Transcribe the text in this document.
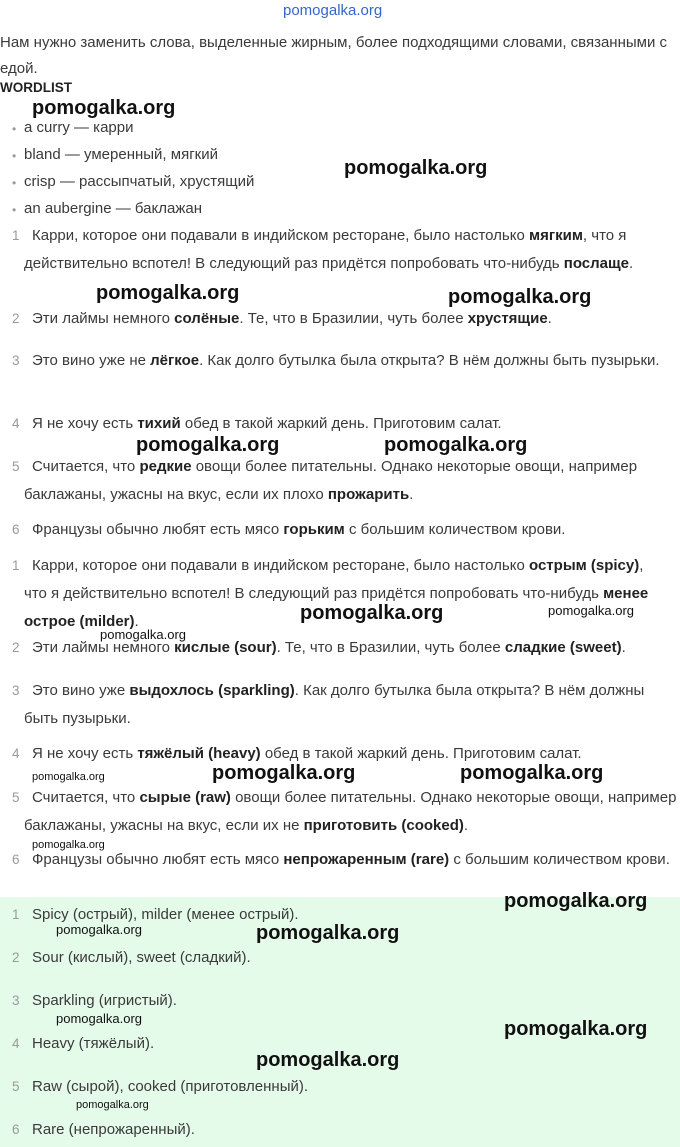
pomogalka.org
Нам нужно заменить слова, выделенные жирным, более подходящими словами, связанными с едой.
WORDLIST
• a curry — карри
• bland — умеренный, мягкий
• crisp — рассыпчатый, хрустящий
• an aubergine — баклажан
1 Карри, которое они подавали в индийском ресторане, было настолько мягким, что я действительно вспотел! В следующий раз придётся попробовать что-нибудь послаще.
2 Эти лаймы немного солёные. Те, что в Бразилии, чуть более хрустящие.
3 Это вино уже не лёгкое. Как долго бутылка была открыта? В нём должны быть пузырьки.
4 Я не хочу есть тихий обед в такой жаркий день. Приготовим салат.
5 Считается, что редкие овощи более питательны. Однако некоторые овощи, например баклажаны, ужасны на вкус, если их плохо прожарить.
6 Французы обычно любят есть мясо горьким с большим количеством крови.
1 Карри, которое они подавали в индийском ресторане, было настолько острым (spicy), что я действительно вспотел! В следующий раз придётся попробовать что-нибудь менее острое (milder).
2 Эти лаймы немного кислые (sour). Те, что в Бразилии, чуть более сладкие (sweet).
3 Это вино уже выдохлось (sparkling). Как долго бутылка была открыта? В нём должны быть пузырьки.
4 Я не хочу есть тяжёлый (heavy) обед в такой жаркий день. Приготовим салат.
5 Считается, что сырые (raw) овощи более питательны. Однако некоторые овощи, например баклажаны, ужасны на вкус, если их не приготовить (cooked).
6 Французы обычно любят есть мясо непрожаренным (rare) с большим количеством крови.
1 Spicy (острый), milder (менее острый).
2 Sour (кислый), sweet (сладкий).
3 Sparkling (игристый).
4 Heavy (тяжёлый).
5 Raw (сырой), cooked (приготовленный).
6 Rare (непрожаренный).
pomogalka.org
pomogalka.org
pomogalka.org	pomogalka.org
pomogalka.org	pomogalka.org
pomogalka.org	pomogalka.org
pomogalka.org
pomogalka.org	pomogalka.org
pomogalka.org
pomogalka.org
pomogalka.org
pomogalka.org	pomogalka.org
pomogalka.org	pomogalka.org
pomogalka.org
pomogalka.org
